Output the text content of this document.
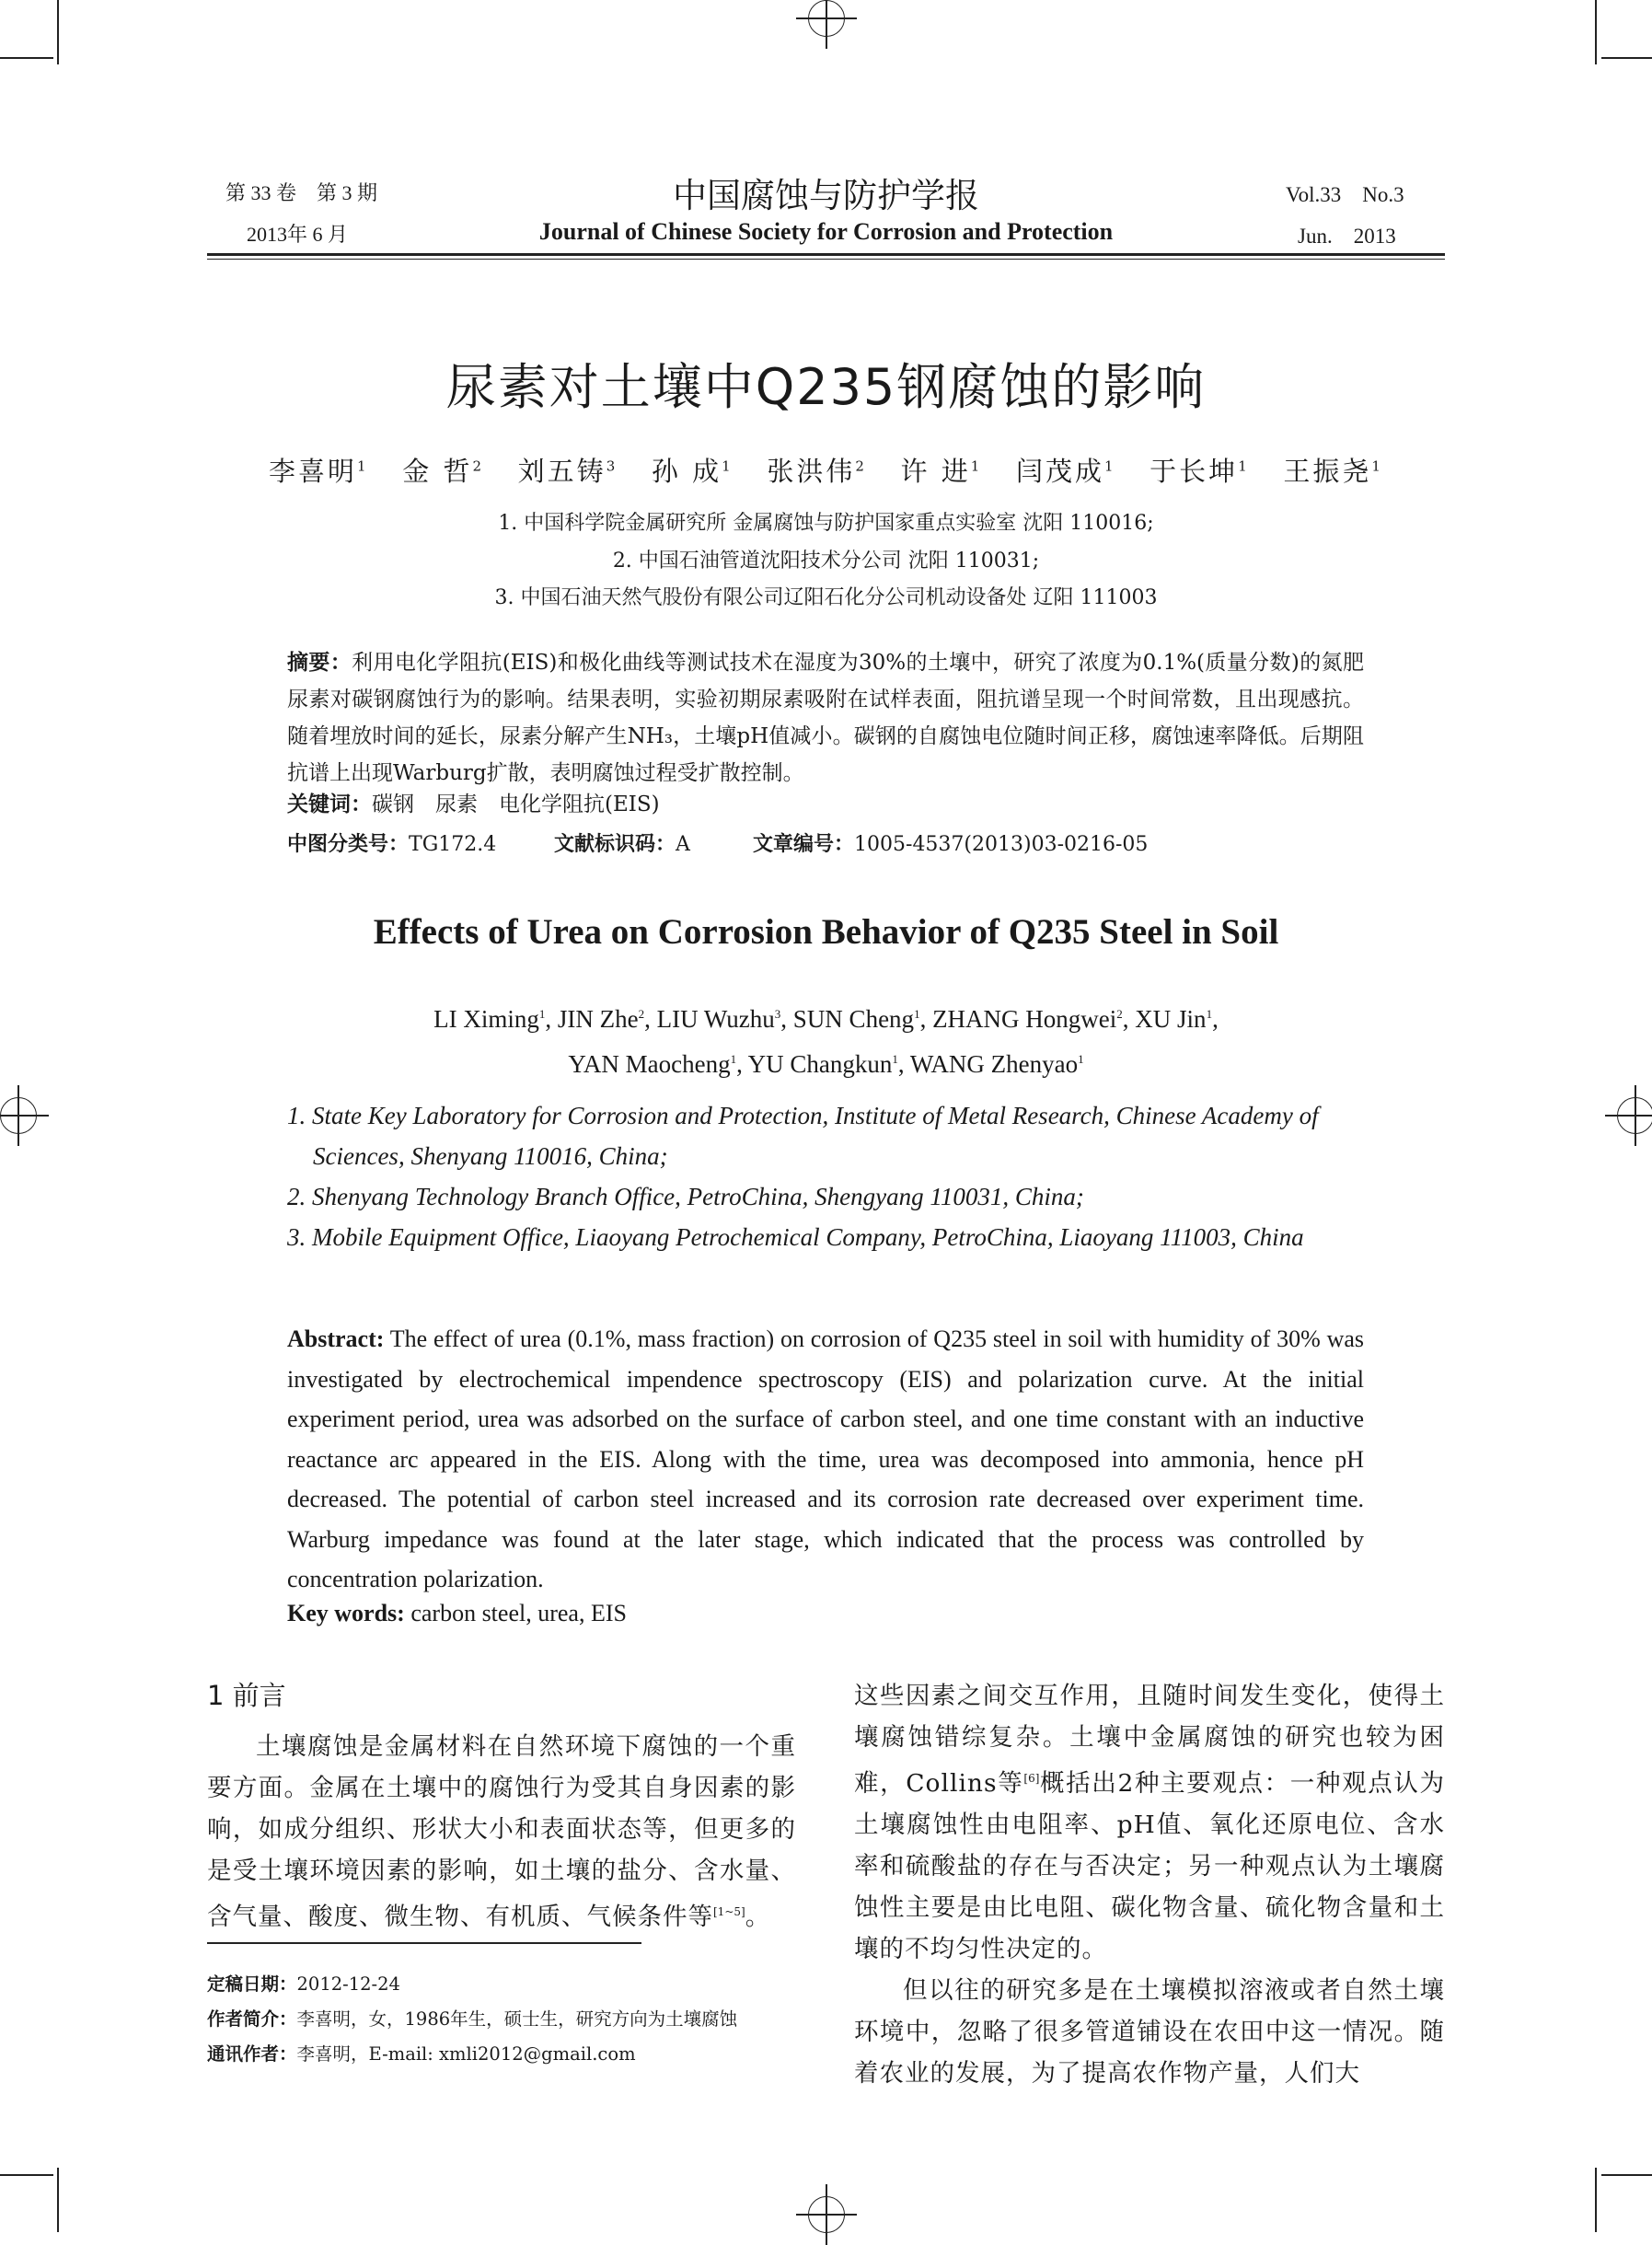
第 33 卷　第 3 期
2013年 6 月
中国腐蚀与防护学报
Journal of Chinese Society for Corrosion and Protection
Vol.33　No.3
Jun.　2013
尿素对土壤中Q235钢腐蚀的影响
李喜明$^1$ 金 哲$^2$ 刘五铸$^3$ 孙 成$^1$ 张洪伟$^2$ 许 进$^1$ 闫茂成$^1$ 于长坤$^1$ 王振尧$^1$
1. 中国科学院金属研究所 金属腐蚀与防护国家重点实验室 沈阳 110016;
2. 中国石油管道沈阳技术分公司 沈阳 110031;
3. 中国石油天然气股份有限公司辽阳石化分公司机动设备处 辽阳 111003
摘要：利用电化学阻抗(EIS)和极化曲线等测试技术在湿度为30%的土壤中，研究了浓度为0.1%(质量分数)的氮肥尿素对碳钢腐蚀行为的影响。结果表明，实验初期尿素吸附在试样表面，阻抗谱呈现一个时间常数，且出现感抗。随着埋放时间的延长，尿素分解产生NH₃，土壤pH值减小。碳钢的自腐蚀电位随时间正移，腐蚀速率降低。后期阻抗谱上出现Warburg扩散，表明腐蚀过程受扩散控制。
关键词：碳钢　尿素　电化学阻抗(EIS)
中图分类号：TG172.4	文献标识码：A	文章编号：1005-4537(2013)03-0216-05
Effects of Urea on Corrosion Behavior of Q235 Steel in Soil
LI Ximing$^1$, JIN Zhe$^2$, LIU Wuzhu$^3$, SUN Cheng$^1$, ZHANG Hongwei$^2$, XU Jin$^1$,
YAN Maocheng$^1$, YU Changkun$^1$, WANG Zhenyao$^1$
1. State Key Laboratory for Corrosion and Protection, Institute of Metal Research, Chinese Academy of Sciences, Shenyang 110016, China;
2. Shenyang Technology Branch Office, PetroChina, Shengyang 110031, China;
3. Mobile Equipment Office, Liaoyang Petrochemical Company, PetroChina, Liaoyang 111003, China
Abstract: The effect of urea (0.1%, mass fraction) on corrosion of Q235 steel in soil with humidity of 30% was investigated by electrochemical impendence spectroscopy (EIS) and polarization curve. At the initial experiment period, urea was adsorbed on the surface of carbon steel, and one time constant with an inductive reactance arc appeared in the EIS. Along with the time, urea was decomposed into ammonia, hence pH decreased. The potential of carbon steel increased and its corrosion rate decreased over experiment time. Warburg impedance was found at the later stage, which indicated that the process was controlled by concentration polarization.
Key words: carbon steel, urea, EIS
1 前言

土壤腐蚀是金属材料在自然环境下腐蚀的一个重要方面。金属在土壤中的腐蚀行为受其自身因素的影响，如成分组织、形状大小和表面状态等，但更多的是受土壤环境因素的影响，如土壤的盐分、含水量、含气量、酸度、微生物、有机质、气候条件等[1~5]。

这些因素之间交互作用，且随时间发生变化，使得土壤腐蚀错综复杂。土壤中金属腐蚀的研究也较为困难，Collins等[6]概括出2种主要观点：一种观点认为土壤腐蚀性由电阻率、pH值、氧化还原电位、含水率和硫酸盐的存在与否决定；另一种观点认为土壤腐蚀性主要是由比电阻、碳化物含量、硫化物含量和土壤的不均匀性决定的。

但以往的研究多是在土壤模拟溶液或者自然土壤环境中，忽略了很多管道铺设在农田中这一情况。随着农业的发展，为了提高农作物产量，人们大

定稿日期：2012-12-24
作者简介：李喜明，女，1986年生，硕士生，研究方向为土壤腐蚀
通讯作者：李喜明，E-mail: xmli2012@gmail.com
